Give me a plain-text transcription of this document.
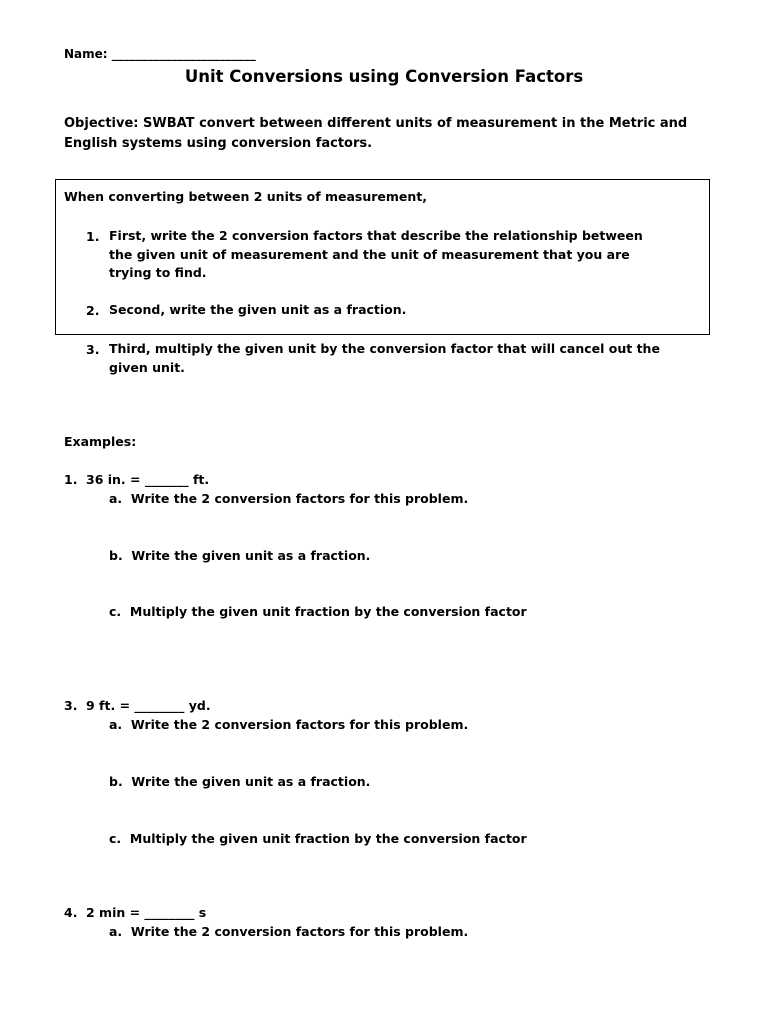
Name: ________________________
Unit Conversions using Conversion Factors
Objective: SWBAT convert between different units of measurement in the Metric and
English systems using conversion factors.
When converting between 2 units of measurement,
1. First, write the 2 conversion factors that describe the relationship between
the given unit of measurement and the unit of measurement that you are
trying to find.
2. Second, write the given unit as a fraction.
3. Third, multiply the given unit by the conversion factor that will cancel out the
given unit.
Examples:
1. 36 in. = _______ ft.
a. Write the 2 conversion factors for this problem.
b. Write the given unit as a fraction.
c. Multiply the given unit fraction by the conversion factor
3. 9 ft. = ________ yd.
a. Write the 2 conversion factors for this problem.
b. Write the given unit as a fraction.
c. Multiply the given unit fraction by the conversion factor
4. 2 min = ________ s
a. Write the 2 conversion factors for this problem.
